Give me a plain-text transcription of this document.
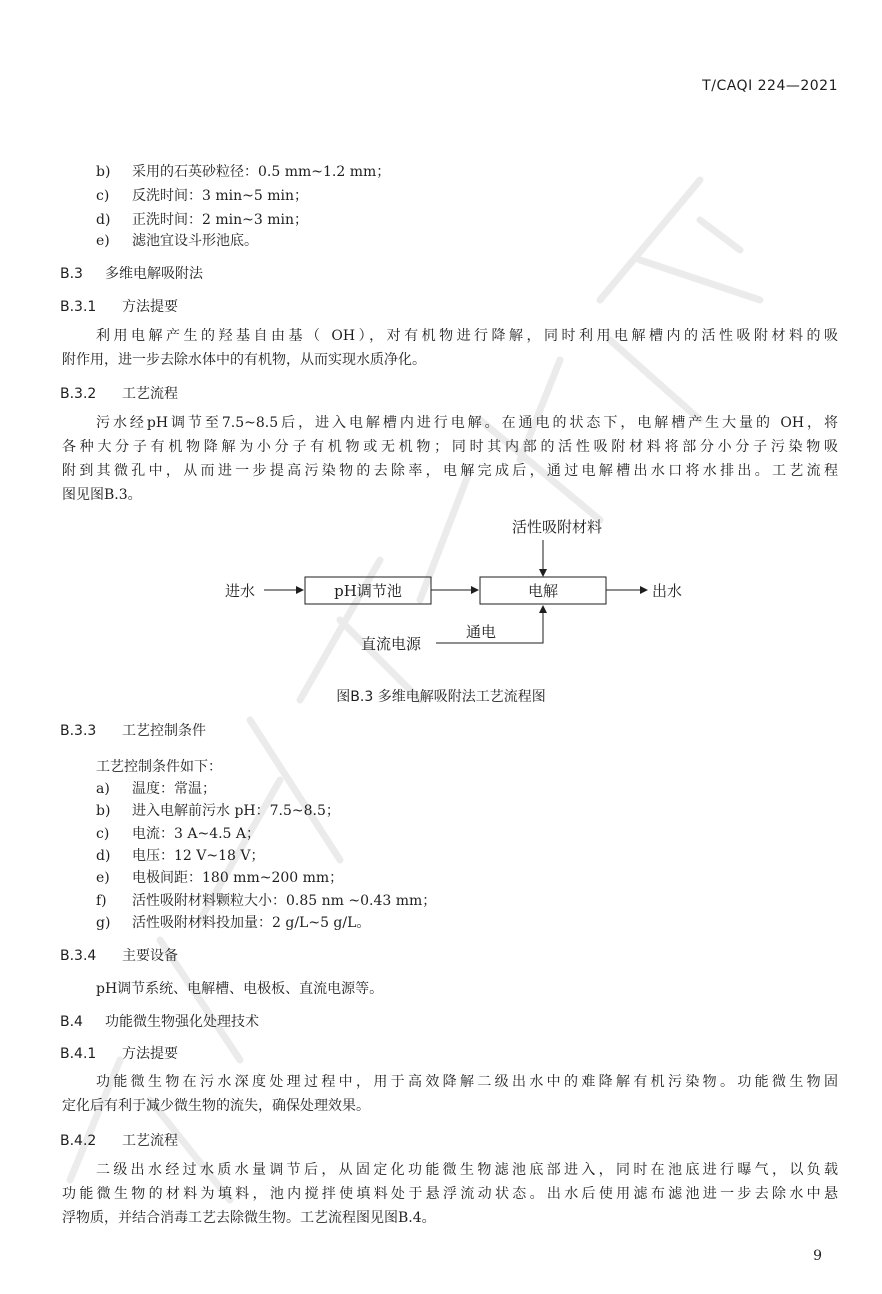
T/CAQI 224—2021
b) 采用的石英砂粒径：0.5 mm~1.2 mm；
c) 反洗时间：3 min~5 min；
d) 正洗时间：2 min~3 min；
e) 滤池宜设斗形池底。
B.3 多维电解吸附法
B.3.1 方法提要
利用电解产生的羟基自由基（ OH），对有机物进行降解，同时利用电解槽内的活性吸附材料的吸
附作用，进一步去除水体中的有机物，从而实现水质净化。
B.3.2 工艺流程
污水经pH调节至7.5~8.5后，进入电解槽内进行电解。在通电的状态下，电解槽产生大量的 OH，将
各种大分子有机物降解为小分子有机物或无机物；同时其内部的活性吸附材料将部分小分子污染物吸
附到其微孔中，从而进一步提高污染物的去除率，电解完成后，通过电解槽出水口将水排出。工艺流程
图见图B.3。
活性吸附材料
进水	pH调节池	电解	出水
通电
直流电源
图B.3 多维电解吸附法工艺流程图
B.3.3 工艺控制条件
工艺控制条件如下：
a) 温度：常温；
b) 进入电解前污水 pH：7.5~8.5；
c) 电流：3 A~4.5 A；
d) 电压：12 V~18 V；
e) 电极间距：180 mm~200 mm；
f) 活性吸附材料颗粒大小：0.85 nm ~0.43 mm；
g) 活性吸附材料投加量：2 g/L~5 g/L。
B.3.4 主要设备
pH调节系统、电解槽、电极板、直流电源等。
B.4 功能微生物强化处理技术
B.4.1 方法提要
功能微生物在污水深度处理过程中，用于高效降解二级出水中的难降解有机污染物。功能微生物固
定化后有利于减少微生物的流失，确保处理效果。
B.4.2 工艺流程
二级出水经过水质水量调节后，从固定化功能微生物滤池底部进入，同时在池底进行曝气，以负载
功能微生物的材料为填料，池内搅拌使填料处于悬浮流动状态。出水后使用滤布滤池进一步去除水中悬
浮物质，并结合消毒工艺去除微生物。工艺流程图见图B.4。
9
